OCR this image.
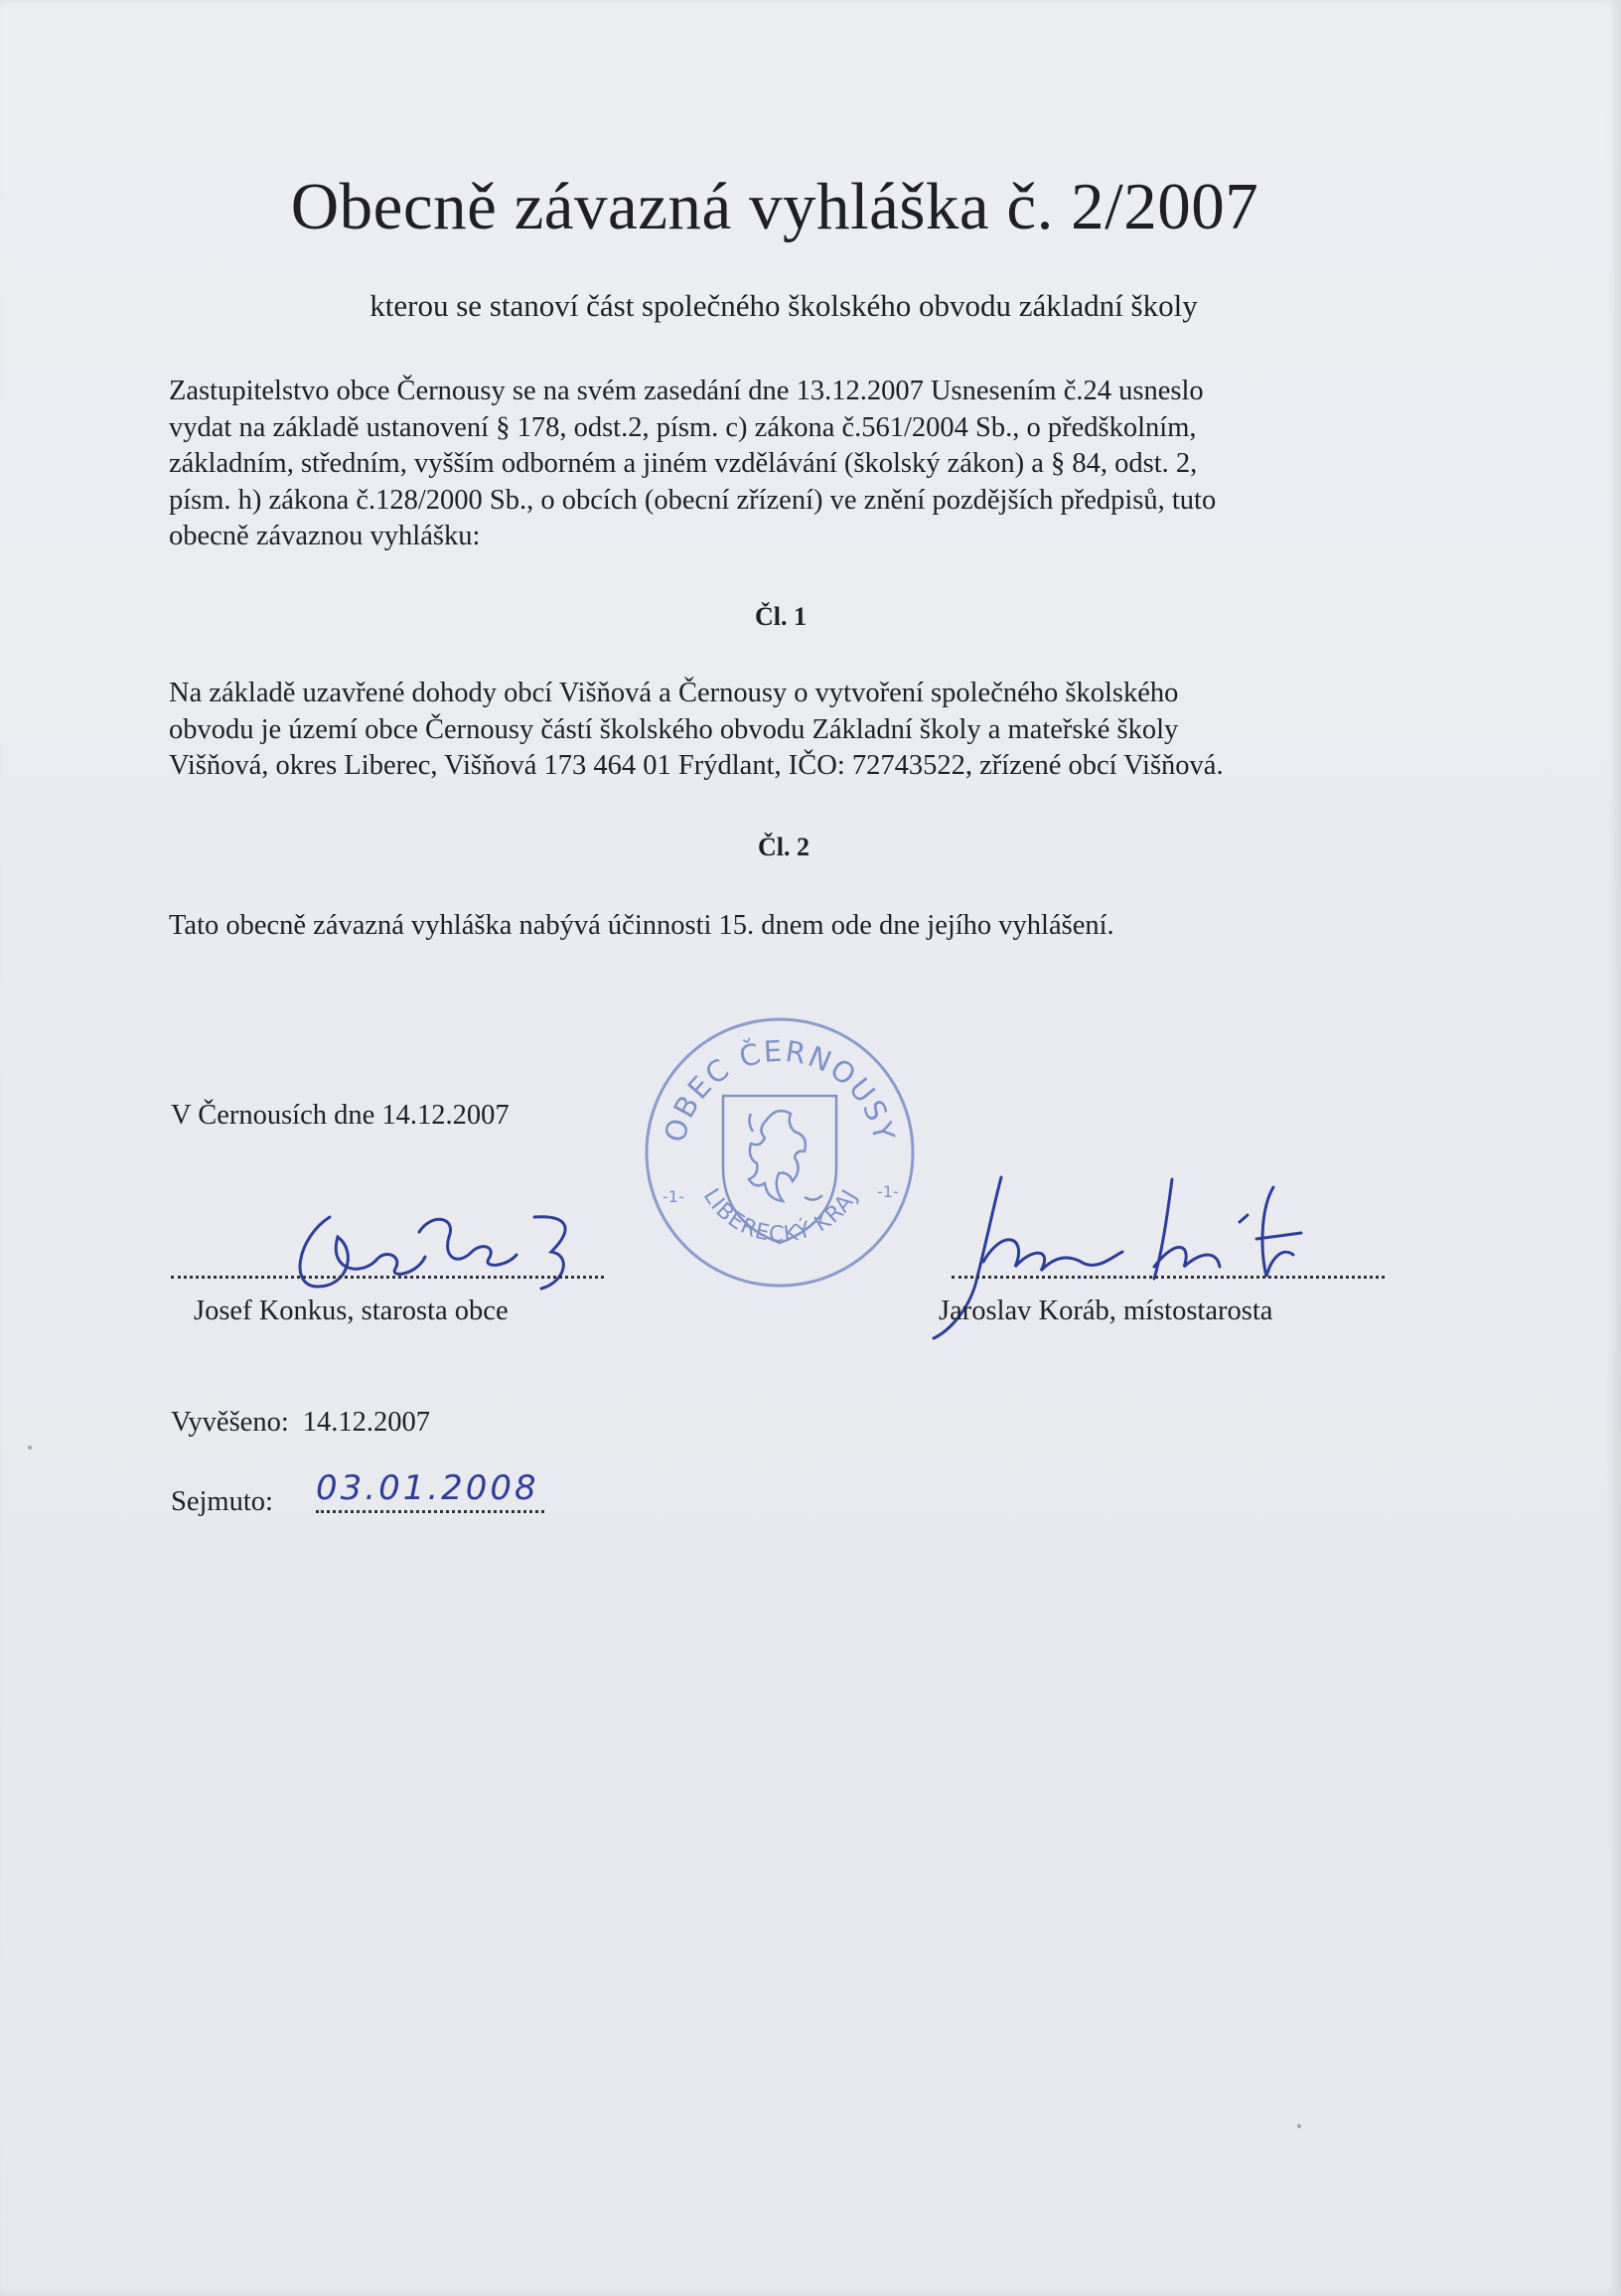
Obecně závazná vyhláška č. 2/2007
kterou se stanoví část společného školského obvodu základní školy
Zastupitelstvo obce Černousy se na svém zasedání dne 13.12.2007 Usnesením č.24 usneslo
vydat na základě ustanovení § 178, odst.2, písm. c) zákona č.561/2004 Sb., o předškolním,
základním, středním, vyšším odborném a jiném vzdělávání (školský zákon) a § 84, odst. 2,
písm. h) zákona č.128/2000 Sb., o obcích (obecní zřízení) ve znění pozdějších předpisů, tuto
obecně závaznou vyhlášku:
Čl. 1
Na základě uzavřené dohody obcí Višňová a Černousy o vytvoření společného školského
obvodu je území obce Černousy částí školského obvodu Základní školy a mateřské školy
Višňová, okres Liberec, Višňová 173 464 01 Frýdlant, IČO: 72743522, zřízené obcí Višňová.
Čl. 2
Tato obecně závazná vyhláška nabývá účinnosti 15. dnem ode dne jejího vyhlášení.
V Černousích dne 14.12.2007	OBEC ČERNOUSY
LIBERECKÝ KRAJ
-1-	-1-
Josef Konkus, starosta obce	Jaroslav Koráb, místostarosta
Vyvěšeno: 14.12.2007
Sejmuto: 03.01.2008
